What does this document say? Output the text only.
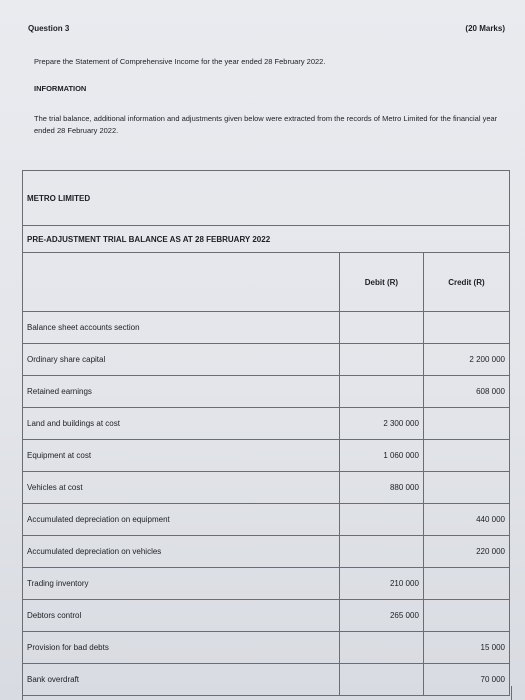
Question 3	(20 Marks)
Prepare the Statement of Comprehensive Income for the year ended 28 February 2022.
INFORMATION
The trial balance, additional information and adjustments given below were extracted from the records of Metro Limited for the financial year ended 28 February 2022.
METRO LIMITED		
PRE-ADJUSTMENT TRIAL BALANCE AS AT 28 FEBRUARY 2022		
	Debit (R)	Credit (R)
Balance sheet accounts section		
Ordinary share capital		2 200 000
Retained earnings		608 000
Land and buildings at cost	2 300 000	
Equipment at cost	1 060 000	
Vehicles at cost	880 000	
Accumulated depreciation on equipment		440 000
Accumulated depreciation on vehicles		220 000
Trading inventory	210 000	
Debtors control	265 000	
Provision for bad debts		15 000
Bank overdraft		70 000
